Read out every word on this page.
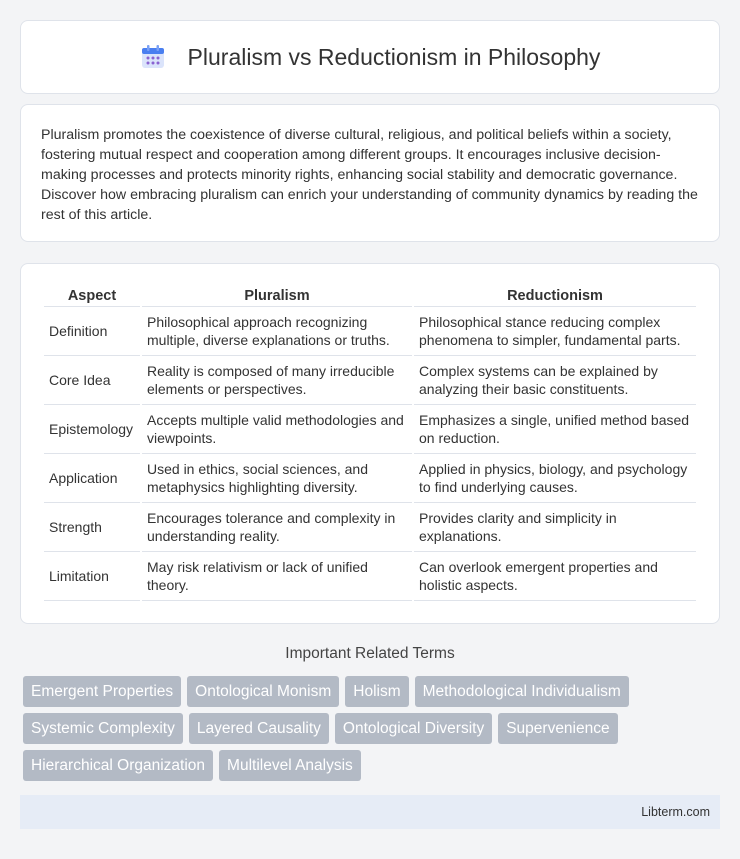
Pluralism vs Reductionism in Philosophy

Pluralism promotes the coexistence of diverse cultural, religious, and political beliefs within a society, fostering mutual respect and cooperation among different groups. It encourages inclusive decision-making processes and protects minority rights, enhancing social stability and democratic governance. Discover how embracing pluralism can enrich your understanding of community dynamics by reading the rest of this article.

Aspect	Pluralism	Reductionism
Definition	Philosophical approach recognizing multiple, diverse explanations or truths.	Philosophical stance reducing complex phenomena to simpler, fundamental parts.
Core Idea	Reality is composed of many irreducible elements or perspectives.	Complex systems can be explained by analyzing their basic constituents.
Epistemology	Accepts multiple valid methodologies and viewpoints.	Emphasizes a single, unified method based on reduction.
Application	Used in ethics, social sciences, and metaphysics highlighting diversity.	Applied in physics, biology, and psychology to find underlying causes.
Strength	Encourages tolerance and complexity in understanding reality.	Provides clarity and simplicity in explanations.
Limitation	May risk relativism or lack of unified theory.	Can overlook emergent properties and holistic aspects.
Important Related Terms
Emergent Properties	Ontological Monism	Holism	Methodological Individualism
Systemic Complexity	Layered Causality	Ontological Diversity	Supervenience
Hierarchical Organization	Multilevel Analysis
Libterm.com
